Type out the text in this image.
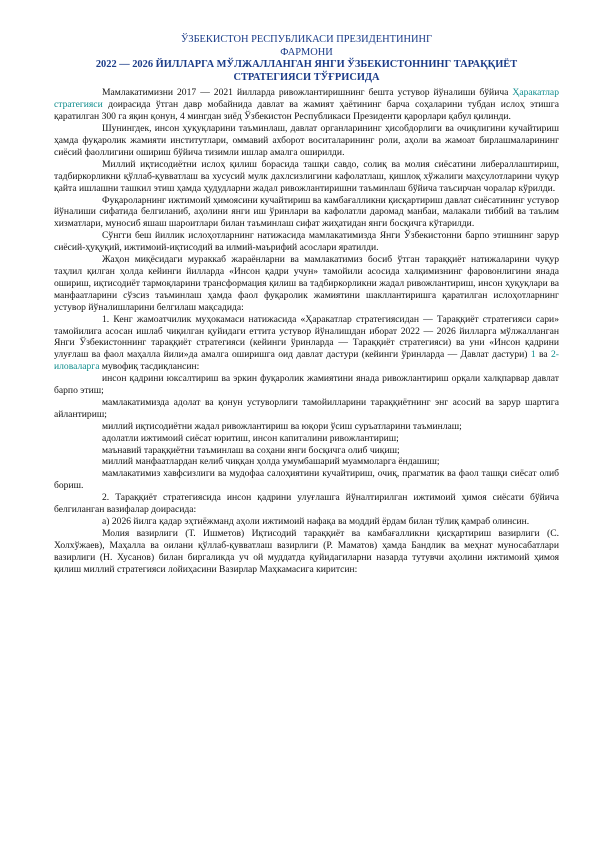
ЎЗБЕКИСТОН РЕСПУБЛИКАСИ ПРЕЗИДЕНТИНИНГ
ФАРМОНИ
2022 — 2026 ЙИЛЛАРГА МЎЛЖАЛЛАНГАН ЯНГИ ЎЗБЕКИСТОННИНГ ТАРАҚҚИЁТ
СТРАТЕГИЯСИ ТЎҒРИСИДА

Мамлакатимизни 2017 — 2021 йилларда ривожлантиришнинг бешта устувор йўналиши бўйича Ҳаракатлар стратегияси доирасида ўтган давр мобайнида давлат ва жамият ҳаётининг барча соҳаларини тубдан ислоҳ этишга қаратилган 300 га яқин қонун, 4 мингдан зиёд Ўзбекистон Республикаси Президенти қарорлари қабул қилинди.

Шунингдек, инсон ҳуқуқларини таъминлаш, давлат органларининг ҳисобдорлиги ва очиқлигини кучайтириш ҳамда фуқаролик жамияти институтлари, оммавий ахборот воситаларининг роли, аҳоли ва жамоат бирлашмаларининг сиёсий фаоллигини ошириш бўйича тизимли ишлар амалга оширилди.

Миллий иқтисодиётни ислоҳ қилиш борасида ташқи савдо, солиқ ва молия сиёсатини либераллаштириш, тадбиркорликни қўллаб-қувватлаш ва хусусий мулк дахлсизлигини кафолатлаш, қишлоқ хўжалиги маҳсулотларини чуқур қайта ишлашни ташкил этиш ҳамда ҳудудларни жадал ривожлантиришни таъминлаш бўйича таъсирчан чоралар кўрилди.

Фуқароларнинг ижтимоий ҳимоясини кучайтириш ва камбағалликни қисқартириш давлат сиёсатининг устувор йўналиши сифатида белгиланиб, аҳолини янги иш ўринлари ва кафолатли даромад манбаи, малакали тиббий ва таълим хизматлари, муносиб яшаш шароитлари билан таъминлаш сифат жиҳатидан янги босқичга кўтарилди.

Сўнгги беш йиллик ислоҳотларнинг натижасида мамлакатимизда Янги Ўзбекистонни барпо этишнинг зарур сиёсий-ҳуқуқий, ижтимоий-иқтисодий ва илмий-маърифий асослари яратилди.

Жаҳон миқёсидаги мураккаб жараёнларни ва мамлакатимиз босиб ўтган тараққиёт натижаларини чуқур таҳлил қилган ҳолда кейинги йилларда «Инсон қадри учун» тамойили асосида халқимизнинг фаровонлигини янада ошириш, иқтисодиёт тармоқларини трансформация қилиш ва тадбиркорликни жадал ривожлантириш, инсон ҳуқуқлари ва манфаатларини сўзсиз таъминлаш ҳамда фаол фуқаролик жамиятини шакллантиришга қаратилган ислоҳотларнинг устувор йўналишларини белгилаш мақсадида:

1. Кенг жамоатчилик муҳокамаси натижасида «Ҳаракатлар стратегиясидан — Тараққиёт стратегияси сари» тамойилига асосан ишлаб чиқилган қуйидаги еттита устувор йўналишдан иборат 2022 — 2026 йилларга мўлжалланган Янги Ўзбекистоннинг тараққиёт стратегияси (кейинги ўринларда — Тараққиёт стратегияси) ва уни «Инсон қадрини улуғлаш ва фаол маҳалла йили»да амалга оширишга оид давлат дастури (кейинги ўринларда — Давлат дастури) 1 ва 2-иловаларга мувофиқ тасдиқлансин:

инсон қадрини юксалтириш ва эркин фуқаролик жамиятини янада ривожлантириш орқали халқпарвар давлат барпо этиш;

мамлакатимизда адолат ва қонун устуворлиги тамойилларини тараққиётнинг энг асосий ва зарур шартига айлантириш;

миллий иқтисодиётни жадал ривожлантириш ва юқори ўсиш суръатларини таъминлаш;

адолатли ижтимоий сиёсат юритиш, инсон капиталини ривожлантириш;

маънавий тараққиётни таъминлаш ва соҳани янги босқичга олиб чиқиш;

миллий манфаатлардан келиб чиққан ҳолда умумбашарий муаммоларга ёндашиш;

мамлакатимиз хавфсизлиги ва мудофаа салоҳиятини кучайтириш, очиқ, прагматик ва фаол ташқи сиёсат олиб бориш.

2. Тараққиёт стратегиясида инсон қадрини улуғлашга йўналтирилган ижтимоий ҳимоя сиёсати бўйича белгиланган вазифалар доирасида:

а) 2026 йилга қадар эҳтиёжманд аҳоли ижтимоий нафақа ва моддий ёрдам билан тўлиқ қамраб олинсин.

Молия вазирлиги (Т. Ишметов) Иқтисодий тараққиёт ва камбағалликни қисқартириш вазирлиги (С. Холхўжаев), Маҳалла ва оилани қўллаб-қувватлаш вазирлиги (Р. Маматов) ҳамда Бандлик ва меҳнат муносабатлари вазирлиги (Н. Хусанов) билан биргаликда уч ой муддатда қуйидагиларни назарда тутувчи аҳолини ижтимоий ҳимоя қилиш миллий стратегияси лойиҳасини Вазирлар Маҳкамасига киритсин:
